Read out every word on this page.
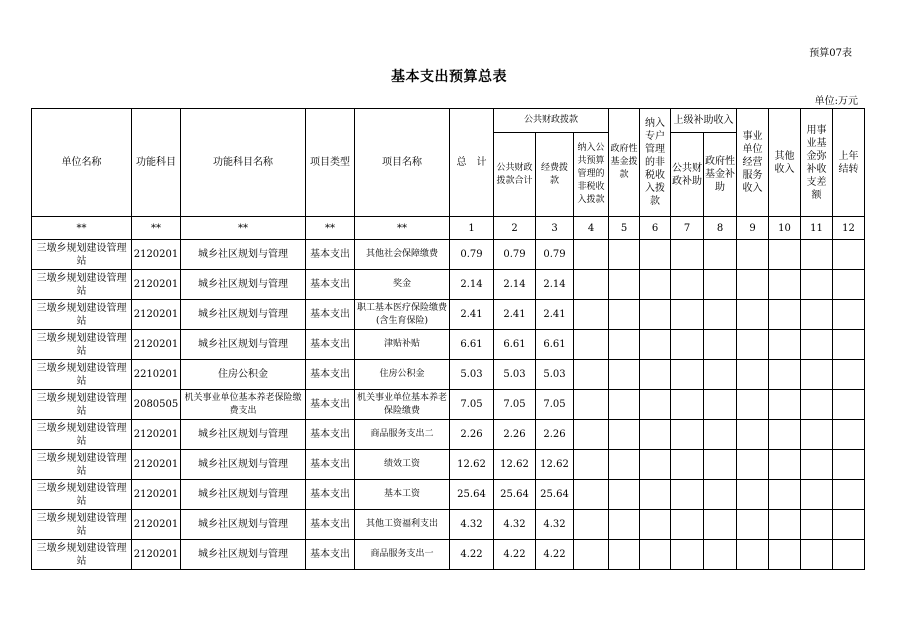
预算07表
基本支出预算总表
单位:万元
单位名称	功能科目	功能科目名称	项目类型	项目名称	总　计	公共财政拨款			政府性基金拨款	纳入专户管理的非税收入拨款	上级补助收入		事业单位经营服务收入	其他收入	用事业基金弥补收支差额	上年结转
						公共财政拨款合计	经费拨款	纳入公共预算管理的非税收入拨款			公共财政补助	政府性基金补助				
**	**	**	**	**	1	2	3	4	5	6	7	8	9	10	11	12
三墩乡规划建设管理站	2120201	城乡社区规划与管理	基本支出	其他社会保障缴费	0.79	0.79	0.79									
三墩乡规划建设管理站	2120201	城乡社区规划与管理	基本支出	奖金	2.14	2.14	2.14									
三墩乡规划建设管理站	2120201	城乡社区规划与管理	基本支出	职工基本医疗保险缴费(含生育保险)	2.41	2.41	2.41									
三墩乡规划建设管理站	2120201	城乡社区规划与管理	基本支出	津贴补贴	6.61	6.61	6.61									
三墩乡规划建设管理站	2210201	住房公积金	基本支出	住房公积金	5.03	5.03	5.03									
三墩乡规划建设管理站	2080505	机关事业单位基本养老保险缴费支出	基本支出	机关事业单位基本养老保险缴费	7.05	7.05	7.05									
三墩乡规划建设管理站	2120201	城乡社区规划与管理	基本支出	商品服务支出二	2.26	2.26	2.26									
三墩乡规划建设管理站	2120201	城乡社区规划与管理	基本支出	绩效工资	12.62	12.62	12.62									
三墩乡规划建设管理站	2120201	城乡社区规划与管理	基本支出	基本工资	25.64	25.64	25.64									
三墩乡规划建设管理站	2120201	城乡社区规划与管理	基本支出	其他工资福利支出	4.32	4.32	4.32									
三墩乡规划建设管理站	2120201	城乡社区规划与管理	基本支出	商品服务支出一	4.22	4.22	4.22									
